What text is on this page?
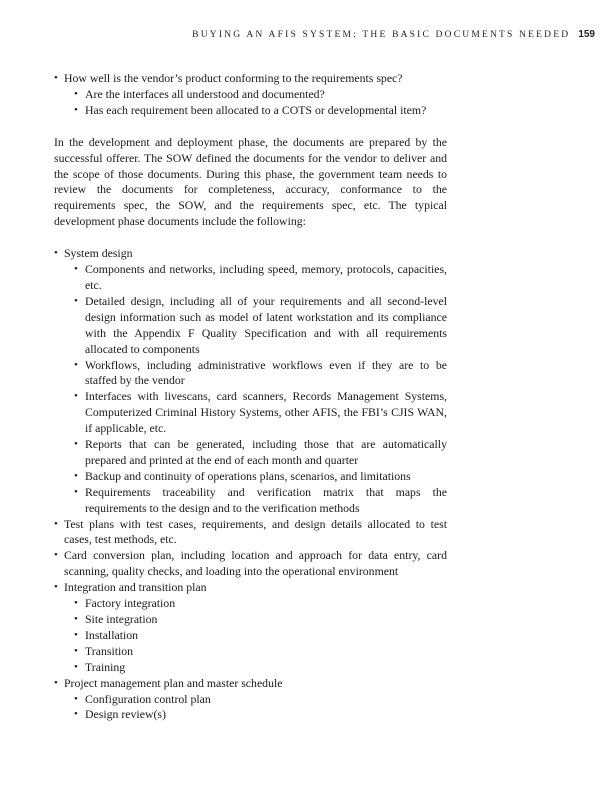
BUYING AN AFIS SYSTEM: THE BASIC DOCUMENTS NEEDED 159
• How well is the vendor’s product conforming to the requirements spec?
• Are the interfaces all understood and documented?
• Has each requirement been allocated to a COTS or developmental item?

In the development and deployment phase, the documents are prepared by the successful offerer. The SOW defined the documents for the vendor to deliver and the scope of those documents. During this phase, the government team needs to review the documents for completeness, accuracy, conformance to the requirements spec, the SOW, and the requirements spec, etc. The typical development phase documents include the following:

• System design
• Components and networks, including speed, memory, protocols, capacities, etc.
• Detailed design, including all of your requirements and all second-level design information such as model of latent workstation and its compliance with the Appendix F Quality Specification and with all requirements allocated to components
• Workflows, including administrative workflows even if they are to be staffed by the vendor
• Interfaces with livescans, card scanners, Records Management Systems, Computerized Criminal History Systems, other AFIS, the FBI’s CJIS WAN, if applicable, etc.
• Reports that can be generated, including those that are automatically prepared and printed at the end of each month and quarter
• Backup and continuity of operations plans, scenarios, and limitations
• Requirements traceability and verification matrix that maps the requirements to the design and to the verification methods
• Test plans with test cases, requirements, and design details allocated to test cases, test methods, etc.
• Card conversion plan, including location and approach for data entry, card scanning, quality checks, and loading into the operational environment
• Integration and transition plan
• Factory integration
• Site integration
• Installation
• Transition
• Training
• Project management plan and master schedule
• Configuration control plan
• Design review(s)
